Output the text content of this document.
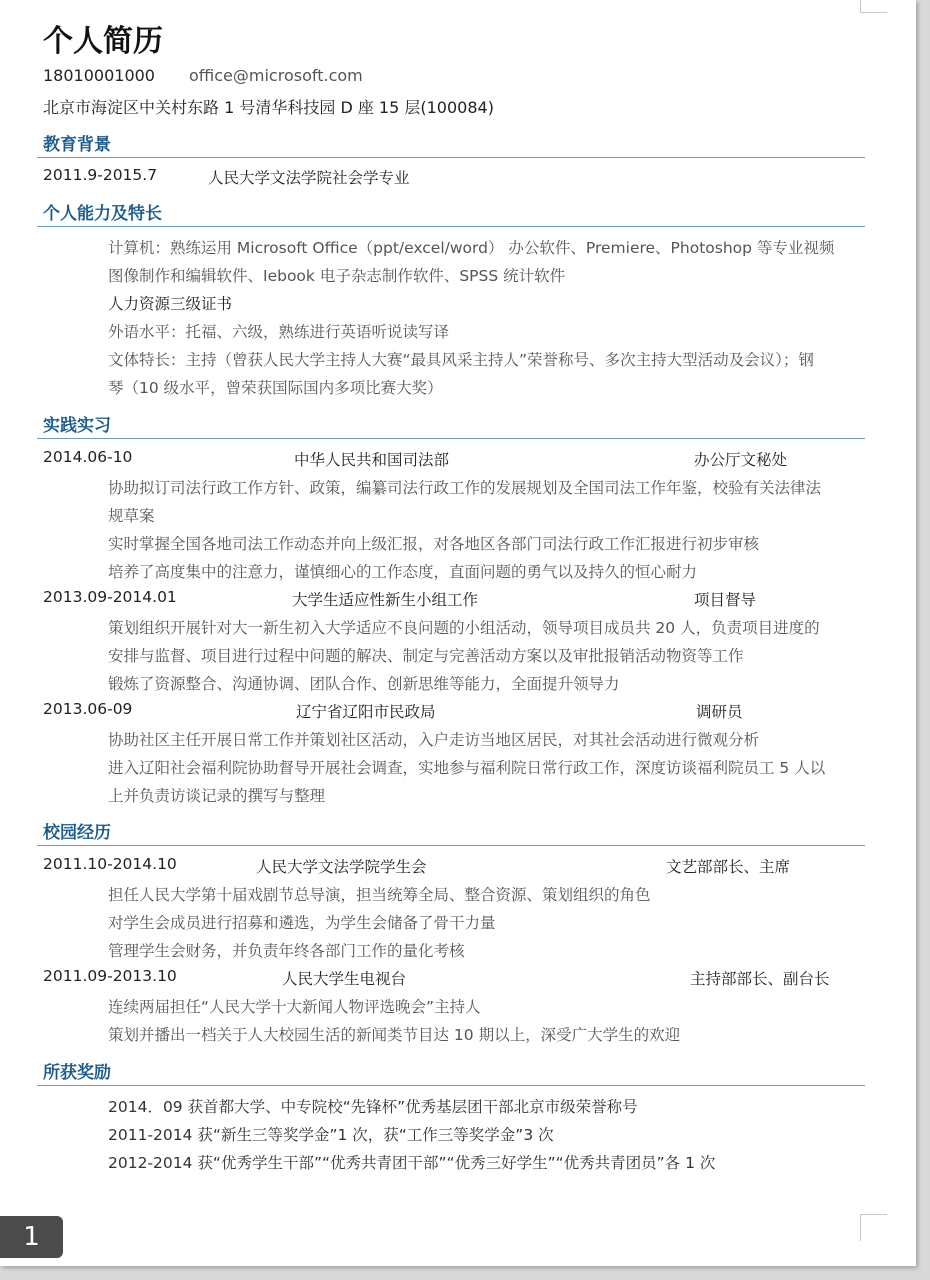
个人简历
18010001000 office@microsoft.com
北京市海淀区中关村东路 1 号清华科技园 D 座 15 层(100084)
教育背景
2011.9-2015.7	人民大学文法学院社会学专业
个人能力及特长
计算机：熟练运用 Microsoft Office（ppt/excel/word） 办公软件、Premiere、Photoshop 等专业视频
图像制作和编辑软件、Iebook 电子杂志制作软件、SPSS 统计软件
人力资源三级证书
外语水平：托福、六级，熟练进行英语听说读写译
文体特长：主持（曾获人民大学主持人大赛“最具风采主持人”荣誉称号、多次主持大型活动及会议）；钢
琴（10 级水平，曾荣获国际国内多项比赛大奖）
实践实习
2014.06-10	中华人民共和国司法部	办公厅文秘处
协助拟订司法行政工作方针、政策，编纂司法行政工作的发展规划及全国司法工作年鉴，校验有关法律法
规草案
实时掌握全国各地司法工作动态并向上级汇报，对各地区各部门司法行政工作汇报进行初步审核
培养了高度集中的注意力，谨慎细心的工作态度，直面问题的勇气以及持久的恒心耐力
2013.09-2014.01	大学生适应性新生小组工作	项目督导
策划组织开展针对大一新生初入大学适应不良问题的小组活动，领导项目成员共 20 人，负责项目进度的
安排与监督、项目进行过程中问题的解决、制定与完善活动方案以及审批报销活动物资等工作
锻炼了资源整合、沟通协调、团队合作、创新思维等能力，全面提升领导力
2013.06-09	辽宁省辽阳市民政局	调研员
协助社区主任开展日常工作并策划社区活动，入户走访当地区居民，对其社会活动进行微观分析
进入辽阳社会福利院协助督导开展社会调查，实地参与福利院日常行政工作，深度访谈福利院员工 5 人以
上并负责访谈记录的撰写与整理
校园经历
2011.10-2014.10	人民大学文法学院学生会	文艺部部长、主席
担任人民大学第十届戏剧节总导演，担当统筹全局、整合资源、策划组织的角色
对学生会成员进行招募和遴选，为学生会储备了骨干力量
管理学生会财务，并负责年终各部门工作的量化考核
2011.09-2013.10	人民大学生电视台	主持部部长、副台长
连续两届担任“人民大学十大新闻人物评选晚会”主持人
策划并播出一档关于人大校园生活的新闻类节目达 10 期以上，深受广大学生的欢迎
所获奖励
2014．09 获首都大学、中专院校“先锋杯”优秀基层团干部北京市级荣誉称号
2011-2014 获“新生三等奖学金”1 次，获“工作三等奖学金”3 次
2012-2014 获“优秀学生干部”“优秀共青团干部”“优秀三好学生”“优秀共青团员”各 1 次
1
